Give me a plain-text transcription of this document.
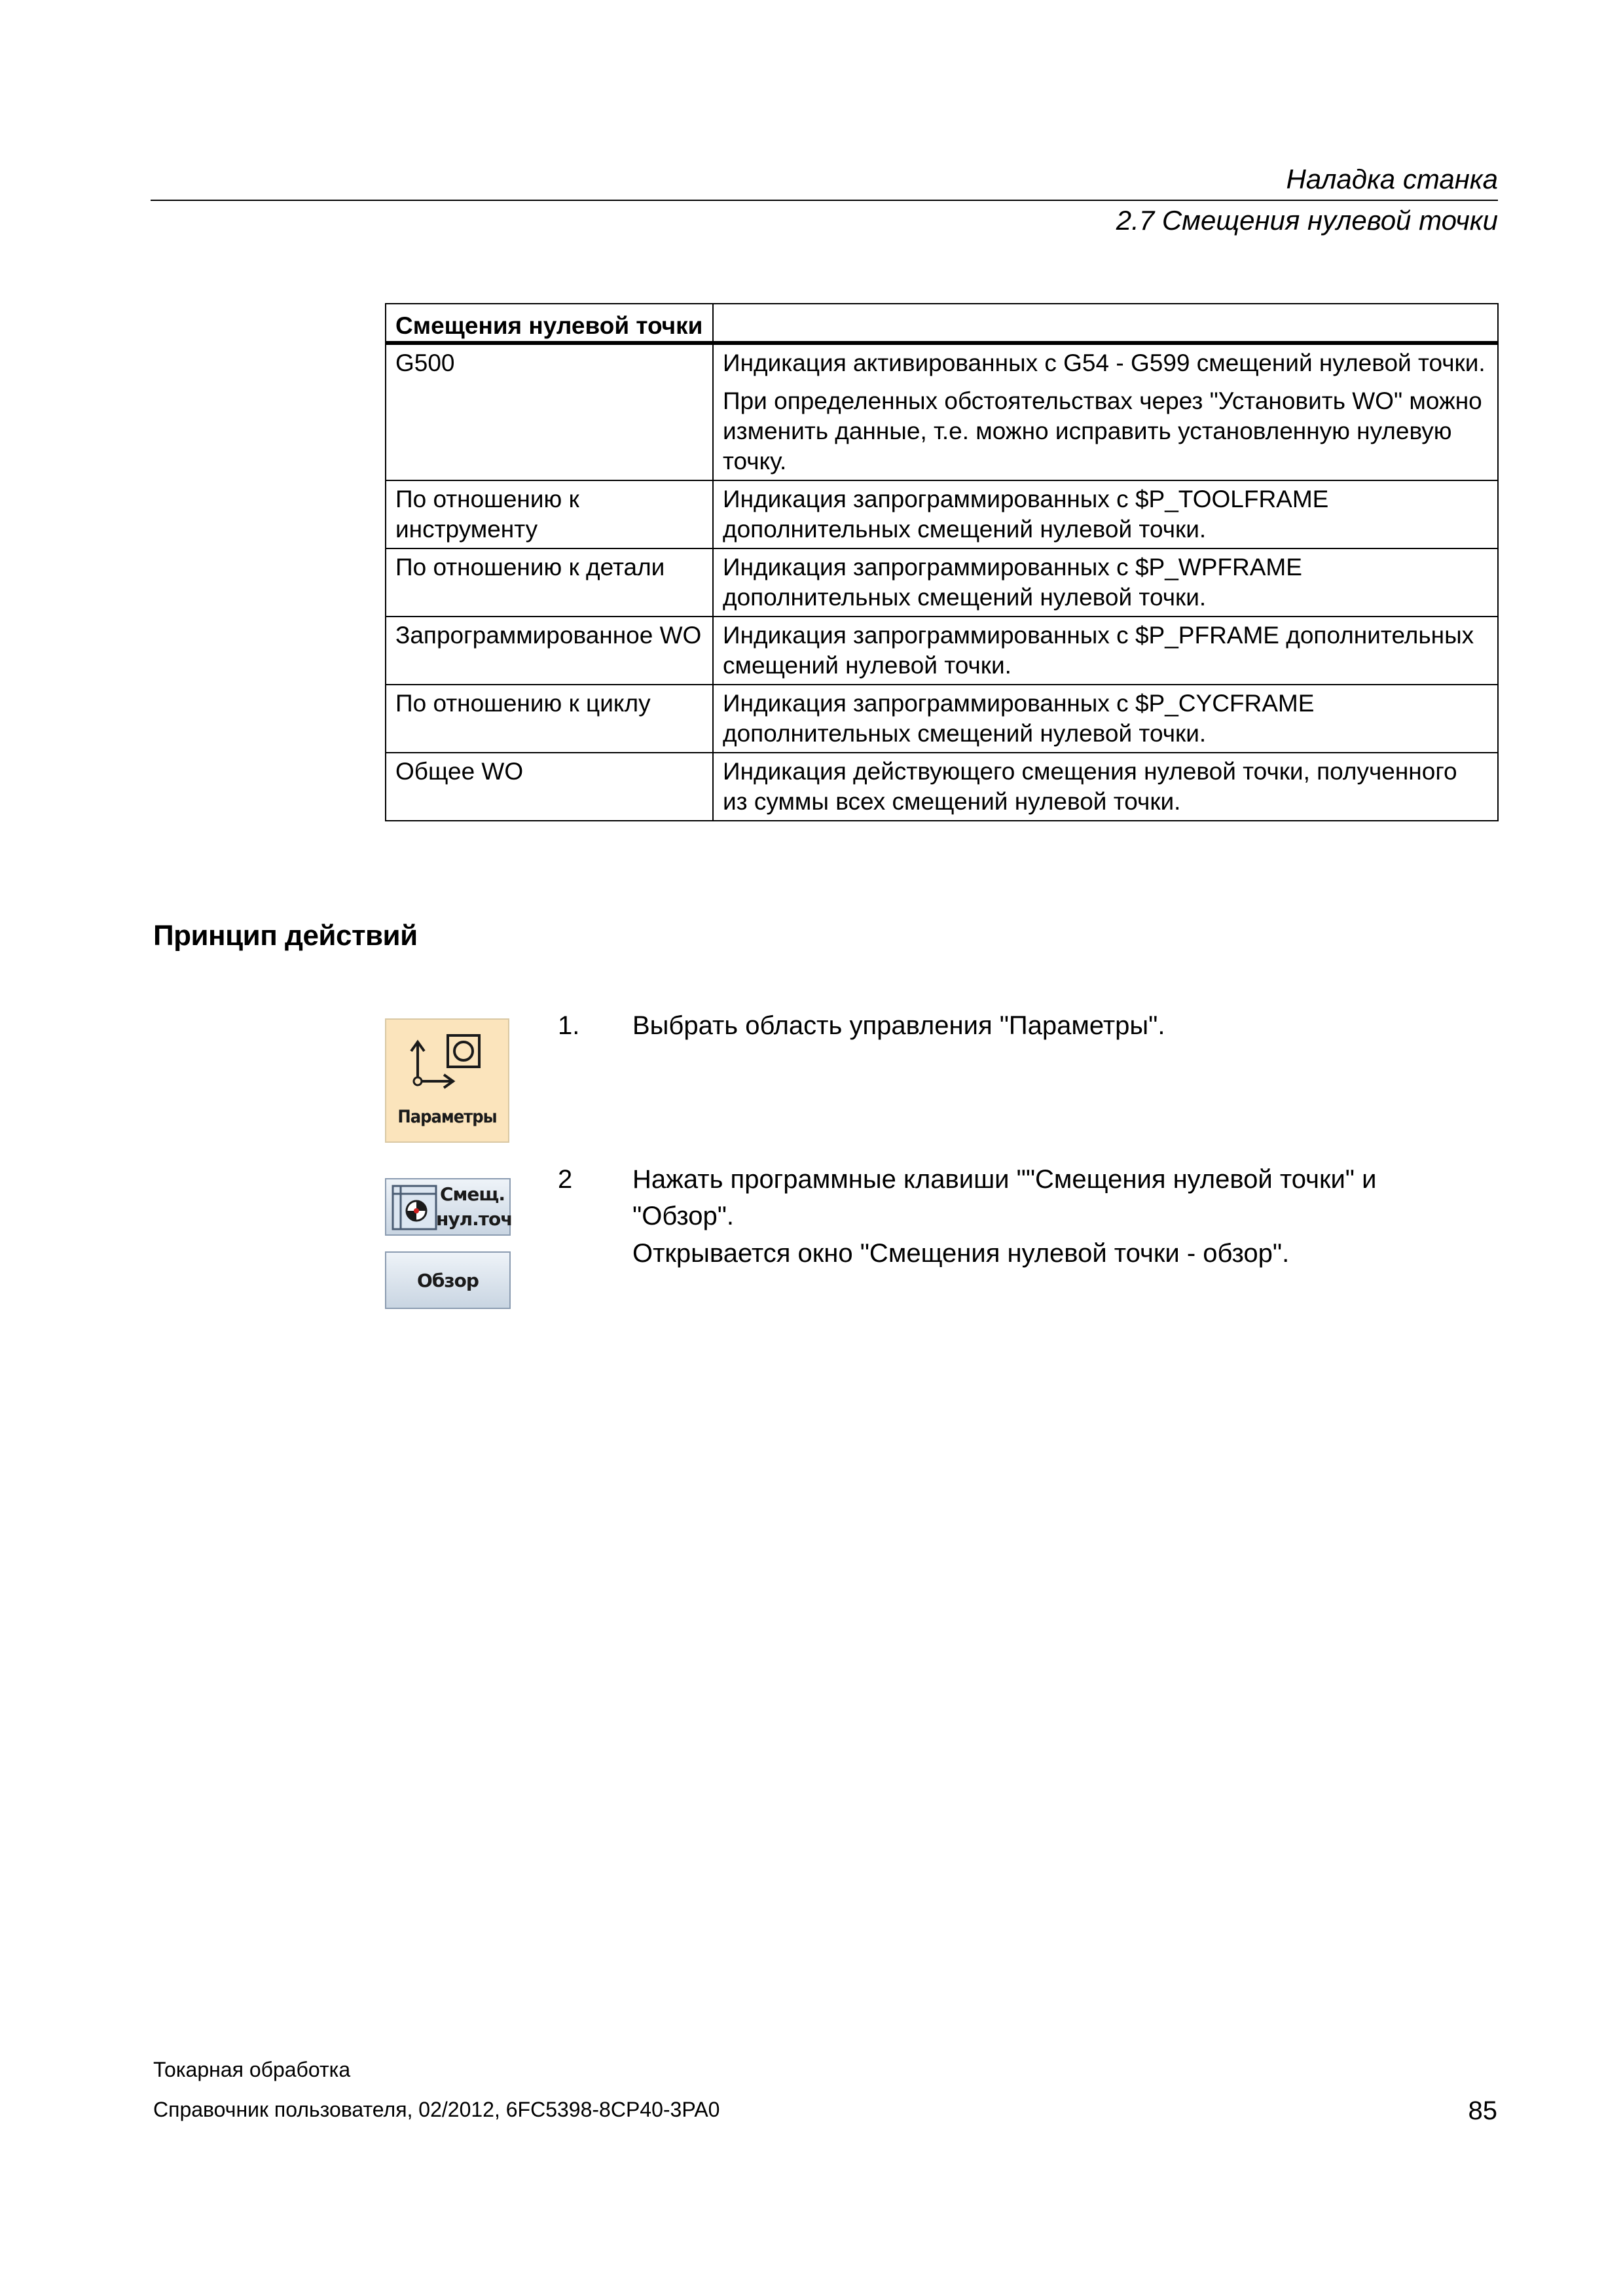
Наладка станка
2.7 Смещения нулевой точки
Смещения нулевой точки	
G500	Индикация активированных с G54 - G599 смещений нулевой точки.

При определенных обстоятельствах через "Установить WO" можно изменить данные, т.е. можно исправить установленную нулевую точку.

По отношению к инструменту	Индикация запрограммированных с $P_TOOLFRAME дополнительных смещений нулевой точки.
По отношению к детали	Индикация запрограммированных с $P_WPFRAME дополнительных смещений нулевой точки.
Запрограммированное WO	Индикация запрограммированных с $P_PFRAME дополнительных смещений нулевой точки.
По отношению к циклу	Индикация запрограммированных с $P_CYCFRAME дополнительных смещений нулевой точки.
Общее WO	Индикация действующего смещения нулевой точки, полученного из суммы всех смещений нулевой точки.
Принцип действий
Параметры
Смещ.
нул.точ
Обзор
1. Выбрать область управления "Параметры".
2 Нажать программные клавиши ""Смещения нулевой точки" и "Обзор".
Открывается окно "Смещения нулевой точки - обзор".
Токарная обработка
Справочник пользователя, 02/2012, 6FC5398-8CP40-3PA0	85
